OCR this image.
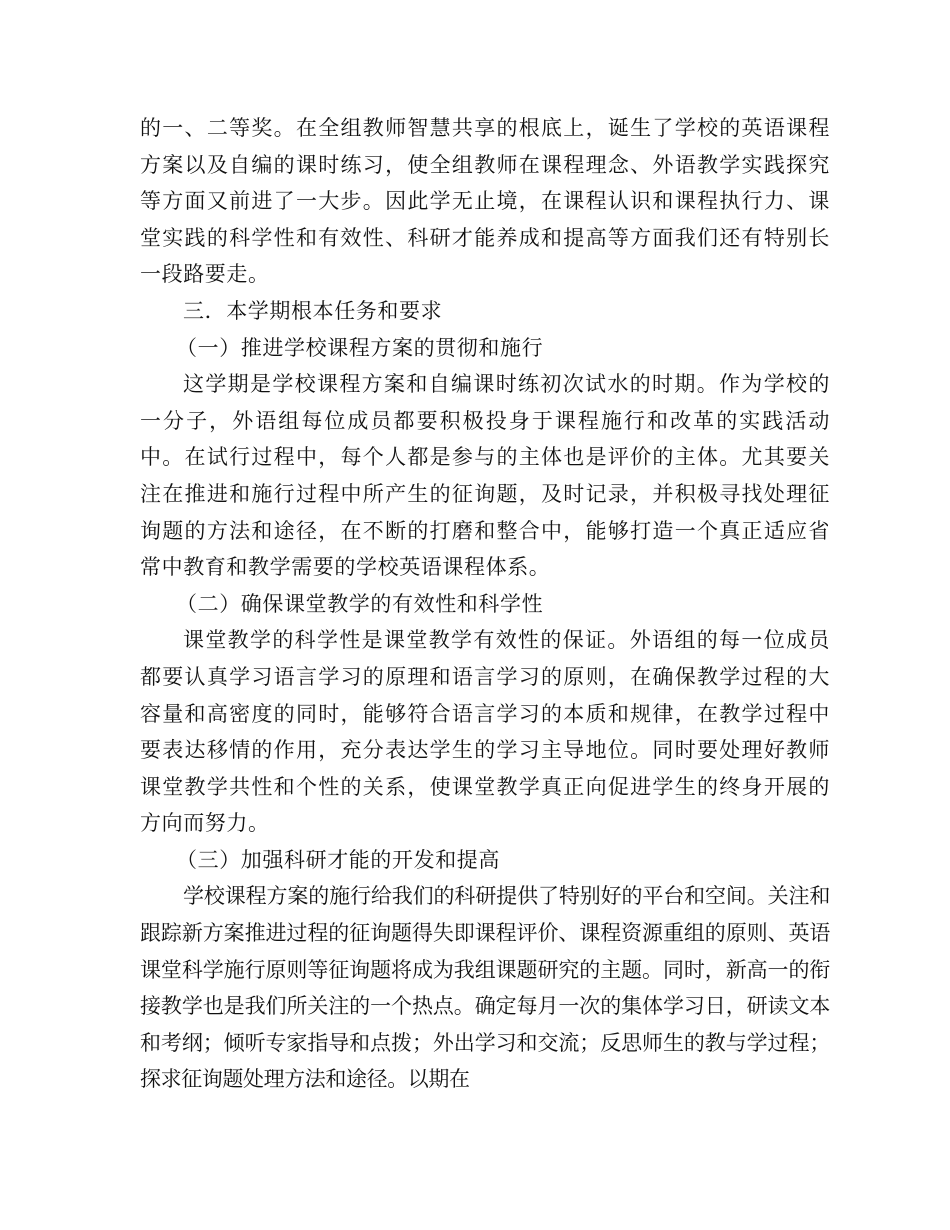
的一、二等奖。在全组教师智慧共享的根底上，诞生了学校的英语课程方案以及自编的课时练习，使全组教师在课程理念、外语教学实践探究等方面又前进了一大步。因此学无止境，在课程认识和课程执行力、课堂实践的科学性和有效性、科研才能养成和提高等方面我们还有特别长一段路要走。

三．本学期根本任务和要求

（一）推进学校课程方案的贯彻和施行

这学期是学校课程方案和自编课时练初次试水的时期。作为学校的一分子，外语组每位成员都要积极投身于课程施行和改革的实践活动中。在试行过程中，每个人都是参与的主体也是评价的主体。尤其要关注在推进和施行过程中所产生的征询题，及时记录，并积极寻找处理征询题的方法和途径，在不断的打磨和整合中，能够打造一个真正适应省常中教育和教学需要的学校英语课程体系。

（二）确保课堂教学的有效性和科学性

课堂教学的科学性是课堂教学有效性的保证。外语组的每一位成员都要认真学习语言学习的原理和语言学习的原则，在确保教学过程的大容量和高密度的同时，能够符合语言学习的本质和规律，在教学过程中要表达移情的作用，充分表达学生的学习主导地位。同时要处理好教师课堂教学共性和个性的关系，使课堂教学真正向促进学生的终身开展的方向而努力。

（三）加强科研才能的开发和提高

学校课程方案的施行给我们的科研提供了特别好的平台和空间。关注和跟踪新方案推进过程的征询题得失即课程评价、课程资源重组的原则、英语课堂科学施行原则等征询题将成为我组课题研究的主题。同时，新高一的衔接教学也是我们所关注的一个热点。确定每月一次的集体学习日，研读文本和考纲；倾听专家指导和点拨；外出学习和交流；反思师生的教与学过程；探求征询题处理方法和途径。以期在
